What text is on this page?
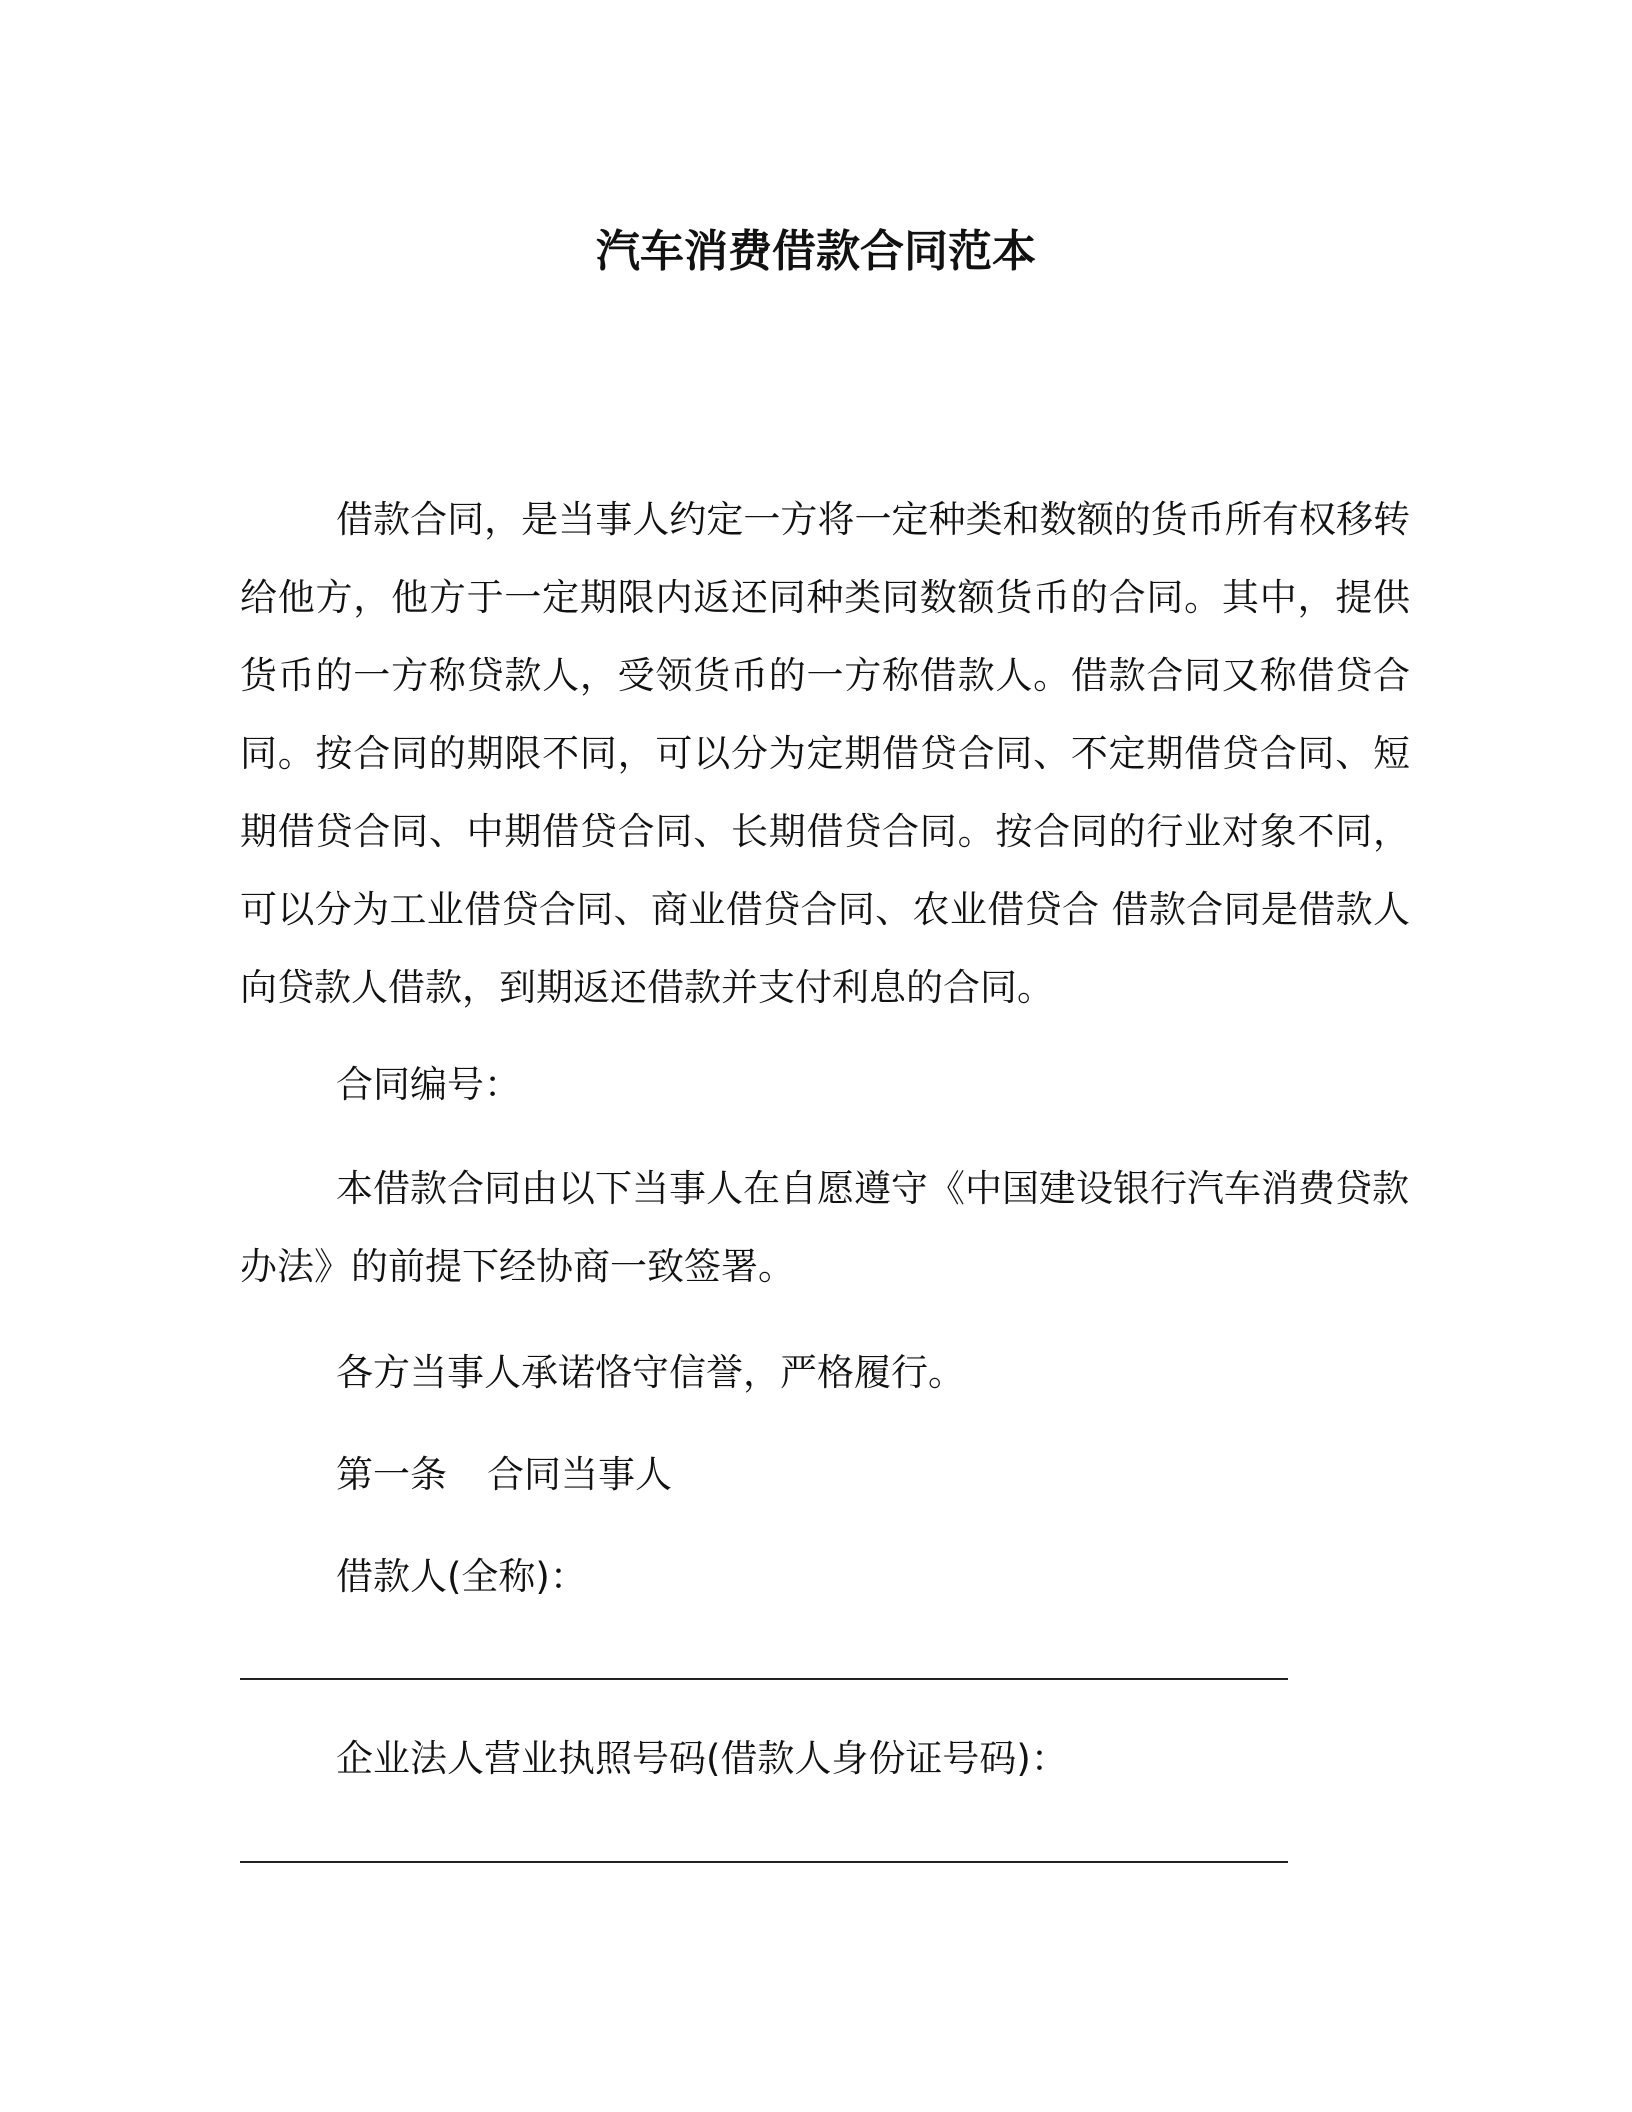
汽车消费借款合同范本

借款合同，是当事人约定一方将一定种类和数额的货币所有权移转给他方，他方于一定期限内返还同种类同数额货币的合同。其中，提供货币的一方称贷款人，受领货币的一方称借款人。借款合同又称借贷合同。按合同的期限不同，可以分为定期借贷合同、不定期借贷合同、短期借贷合同、中期借贷合同、长期借贷合同。按合同的行业对象不同，可以分为工业借贷合同、商业借贷合同、农业借贷合 借款合同是借款人向贷款人借款，到期返还借款并支付利息的合同。

合同编号：

本借款合同由以下当事人在自愿遵守《中国建设银行汽车消费贷款办法》的前提下经协商一致签署。

各方当事人承诺恪守信誉，严格履行。

第一条 合同当事人

借款人(全称)：

企业法人营业执照号码(借款人身份证号码)：
